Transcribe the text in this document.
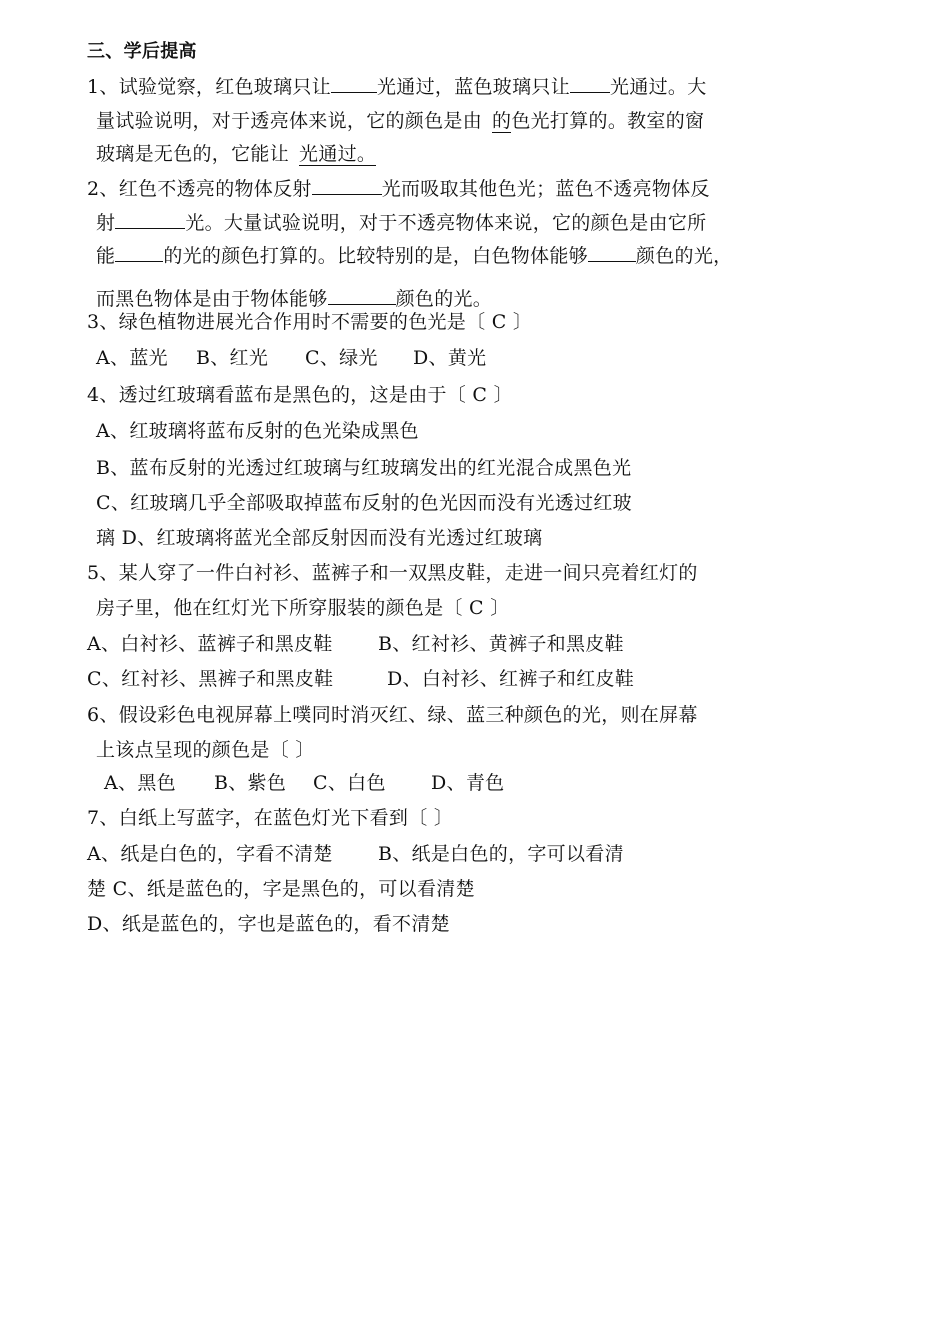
三、学后提高
1、试验觉察，红色玻璃只让 光通过，蓝色玻璃只让 光通过。大
量试验说明，对于透亮体来说，它的颜色是由 的色光打算的。教室的窗
玻璃是无色的，它能让 光通过。
2、红色不透亮的物体反射	光而吸取其他色光；蓝色不透亮物体反
射	光。大量试验说明，对于不透亮物体来说，它的颜色是由它所
能	的光的颜色打算的。比较特别的是，白色物体能够	颜色的光，
而黑色物体是由于物体能够	颜色的光。
3、绿色植物进展光合作用时不需要的色光是〔 C 〕
A、蓝光 B、红光 C、绿光 D、黄光
4、透过红玻璃看蓝布是黑色的，这是由于〔 C 〕
A、红玻璃将蓝布反射的色光染成黑色
B、蓝布反射的光透过红玻璃与红玻璃发出的红光混合成黑色光
C、红玻璃几乎全部吸取掉蓝布反射的色光因而没有光透过红玻
璃 D、红玻璃将蓝光全部反射因而没有光透过红玻璃
5、某人穿了一件白衬衫、蓝裤子和一双黑皮鞋，走进一间只亮着红灯的
房子里，他在红灯光下所穿服装的颜色是〔 C 〕
A、白衬衫、蓝裤子和黑皮鞋 B、红衬衫、黄裤子和黑皮鞋
C、红衬衫、黑裤子和黑皮鞋	D、白衬衫、红裤子和红皮鞋
6、假设彩色电视屏幕上噗同时消灭红、绿、蓝三种颜色的光，则在屏幕
上该点呈现的颜色是〔 〕
A、黑色 B、紫色 C、白色 D、青色
7、白纸上写蓝字，在蓝色灯光下看到〔 〕
A、纸是白色的，字看不清楚 B、纸是白色的，字可以看清
楚 C、纸是蓝色的，字是黑色的，可以看清楚
D、纸是蓝色的，字也是蓝色的，看不清楚
